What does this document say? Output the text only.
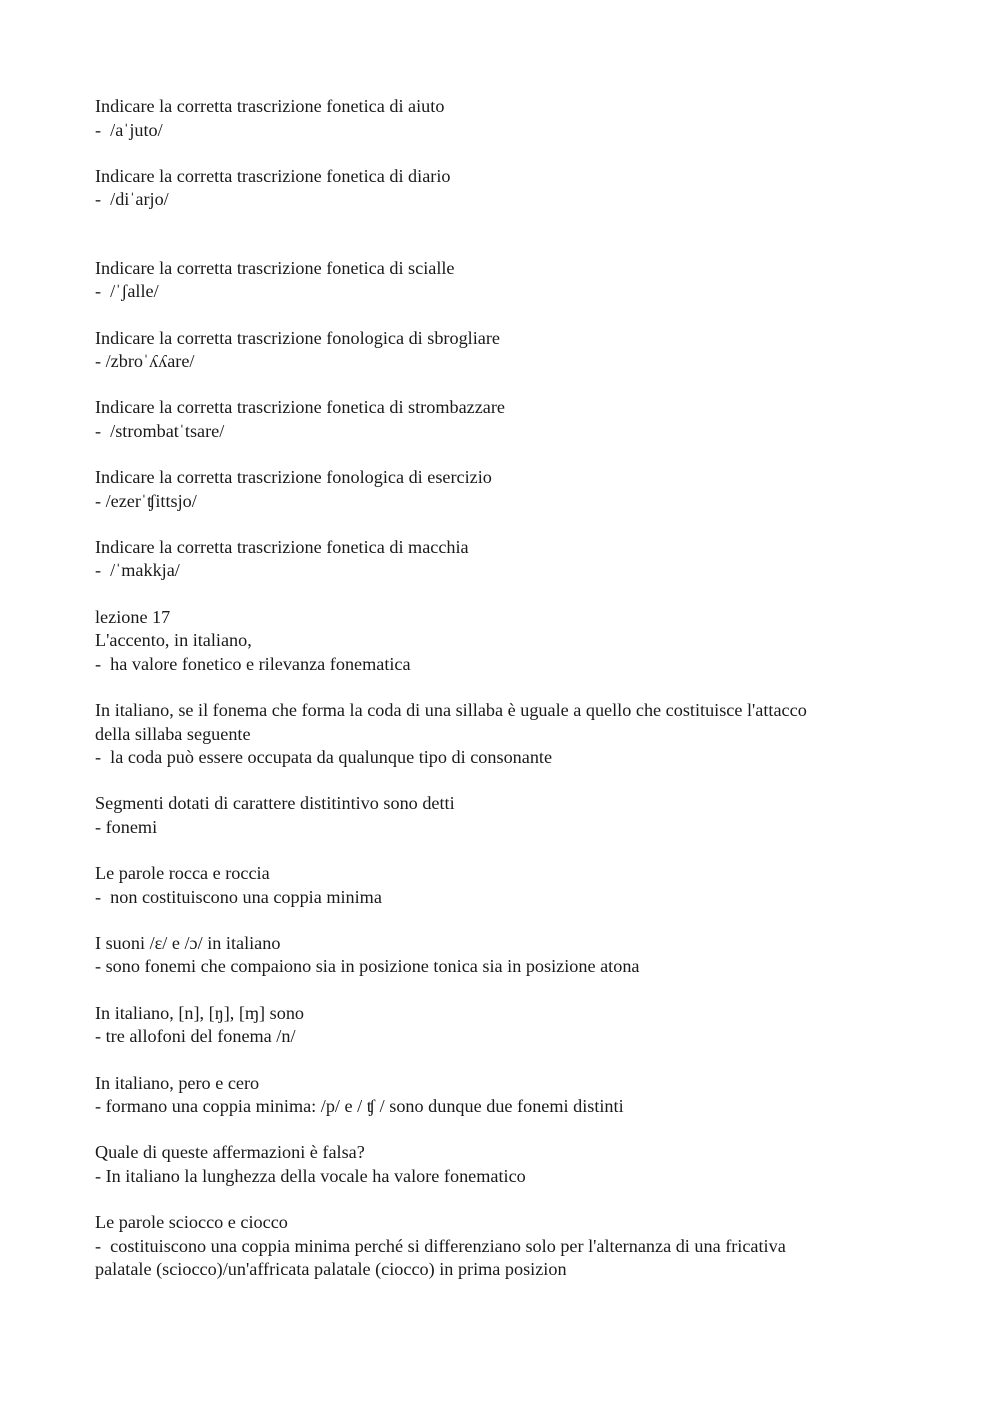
Indicare la corretta trascrizione fonetica di aiuto
-  /aˈjuto/
Indicare la corretta trascrizione fonetica di diario
-  /diˈarjo/
Indicare la corretta trascrizione fonetica di scialle
-  /ˈʃalle/
Indicare la corretta trascrizione fonologica di sbrogliare
- /zbroˈʎʎare/
Indicare la corretta trascrizione fonetica di strombazzare
-  /strombatˈtsare/
Indicare la corretta trascrizione fonologica di esercizio
- /ezerˈʧittsjo/
Indicare la corretta trascrizione fonetica di macchia
-  /ˈmakkja/
lezione 17
L'accento, in italiano,
-  ha valore fonetico e rilevanza fonematica
In italiano, se il fonema che forma la coda di una sillaba è uguale a quello che costituisce l'attacco
della sillaba seguente
-  la coda può essere occupata da qualunque tipo di consonante
Segmenti dotati di carattere distitintivo sono detti
- fonemi
Le parole rocca e roccia
-  non costituiscono una coppia minima
I suoni /ɛ/ e /ɔ/ in italiano
- sono fonemi che compaiono sia in posizione tonica sia in posizione atona
In italiano, [n], [ŋ], [ɱ] sono
- tre allofoni del fonema /n/
In italiano, pero e cero
- formano una coppia minima: /p/ e / ʧ / sono dunque due fonemi distinti
Quale di queste affermazioni è falsa?
- In italiano la lunghezza della vocale ha valore fonematico
Le parole sciocco e ciocco
-  costituiscono una coppia minima perché si differenziano solo per l'alternanza di una fricativa
palatale (sciocco)/un'affricata palatale (ciocco) in prima posizion
